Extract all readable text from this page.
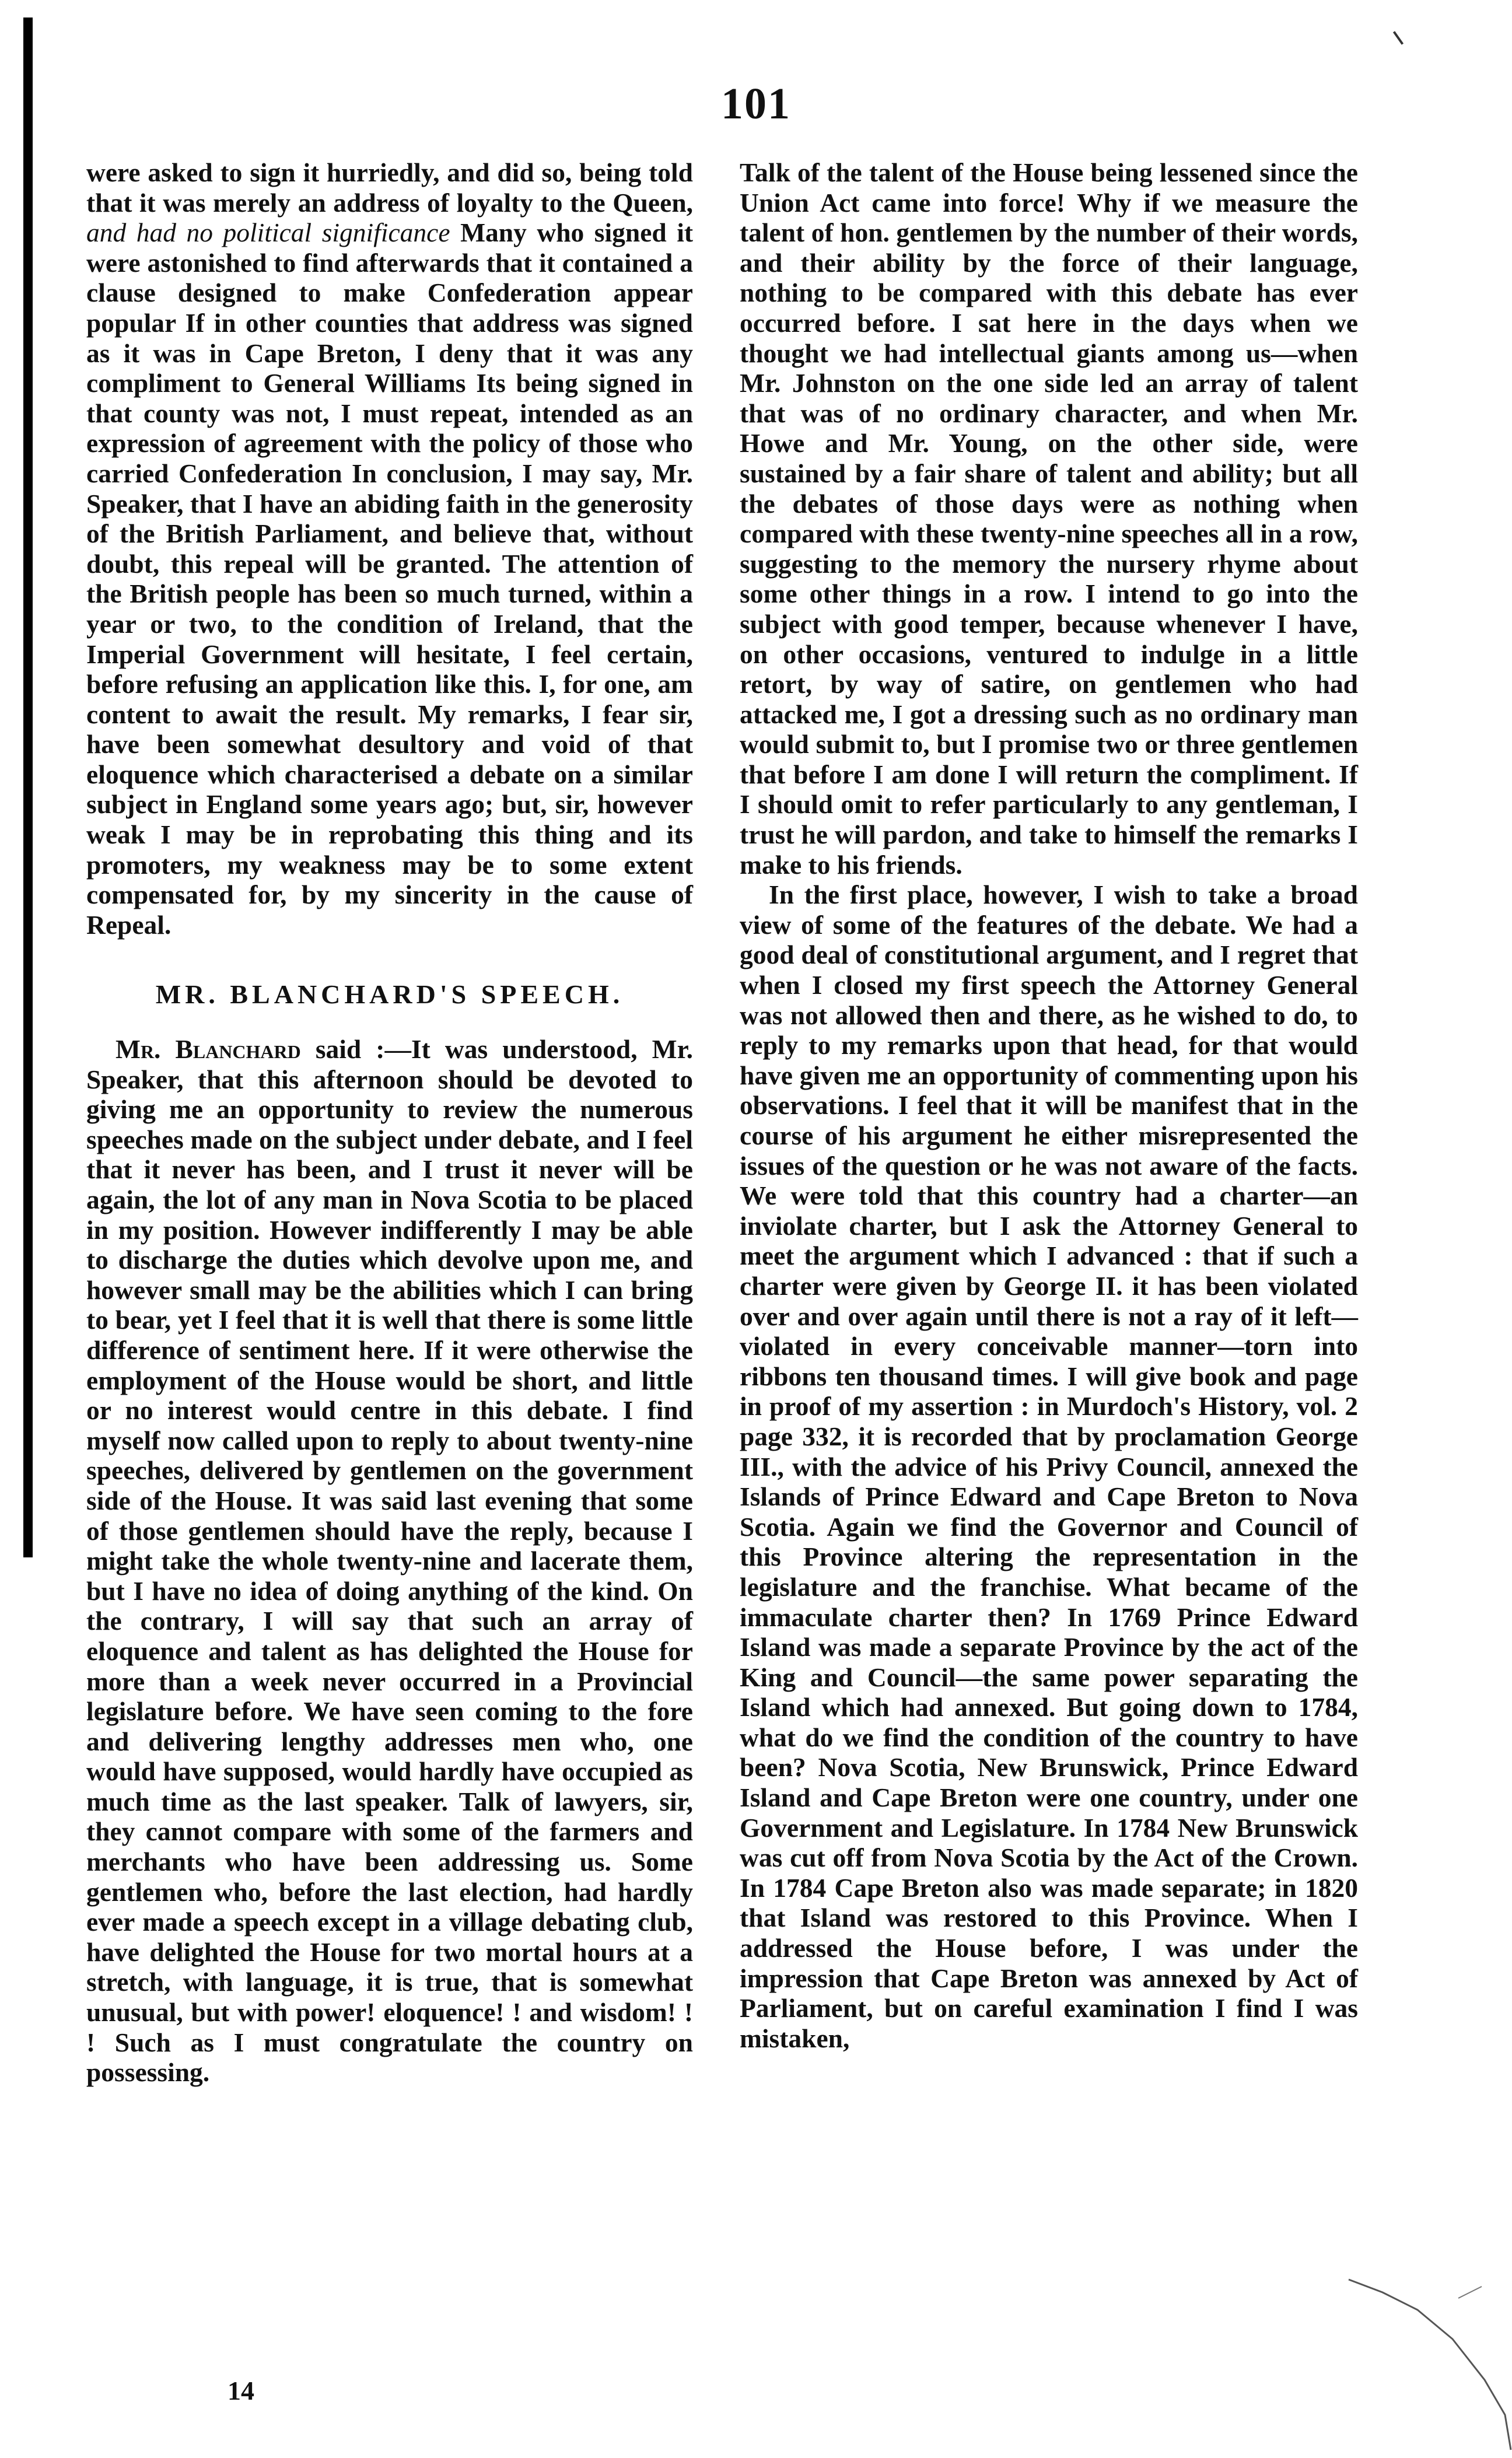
101

were asked to sign it hurriedly, and did so, being told that it was merely an address of loyalty to the Queen, and had no political significance Many who signed it were astonished to find afterwards that it contained a clause designed to make Confederation appear popular If in other counties that address was signed as it was in Cape Breton, I deny that it was any compliment to General Williams Its being signed in that county was not, I must repeat, intended as an expression of agreement with the policy of those who carried Confederation In conclusion, I may say, Mr. Speaker, that I have an abiding faith in the generosity of the British Parliament, and believe that, without doubt, this repeal will be granted. The attention of the British people has been so much turned, within a year or two, to the condition of Ireland, that the Imperial Government will hesitate, I feel certain, before refusing an application like this. I, for one, am content to await the result. My remarks, I fear sir, have been somewhat desultory and void of that eloquence which characterised a debate on a similar subject in England some years ago; but, sir, however weak I may be in reprobating this thing and its promoters, my weakness may be to some extent compensated for, by my sincerity in the cause of Repeal.

MR. BLANCHARD'S SPEECH.

Mr. Blanchard said :—It was understood, Mr. Speaker, that this afternoon should be devoted to giving me an opportunity to review the numerous speeches made on the subject under debate, and I feel that it never has been, and I trust it never will be again, the lot of any man in Nova Scotia to be placed in my position. However indifferently I may be able to discharge the duties which devolve upon me, and however small may be the abilities which I can bring to bear, yet I feel that it is well that there is some little difference of sentiment here. If it were otherwise the employment of the House would be short, and little or no interest would centre in this debate. I find myself now called upon to reply to about twenty-nine speeches, delivered by gentlemen on the government side of the House. It was said last evening that some of those gentlemen should have the reply, because I might take the whole twenty-nine and lacerate them, but I have no idea of doing anything of the kind. On the contrary, I will say that such an array of eloquence and talent as has delighted the House for more than a week never occurred in a Provincial legislature before. We have seen coming to the fore and delivering lengthy addresses men who, one would have supposed, would hardly have occupied as much time as the last speaker. Talk of lawyers, sir, they cannot compare with some of the farmers and merchants who have been addressing us. Some gentlemen who, before the last election, had hardly ever made a speech except in a village debating club, have delighted the House for two mortal hours at a stretch, with language, it is true, that is somewhat unusual, but with power! eloquence! ! and wisdom! ! ! Such as I must congratulate the country on possessing.

Talk of the talent of the House being lessened since the Union Act came into force! Why if we measure the talent of hon. gentlemen by the number of their words, and their ability by the force of their language, nothing to be compared with this debate has ever occurred before. I sat here in the days when we thought we had intellectual giants among us—when Mr. Johnston on the one side led an array of talent that was of no ordinary character, and when Mr. Howe and Mr. Young, on the other side, were sustained by a fair share of talent and ability; but all the debates of those days were as nothing when compared with these twenty-nine speeches all in a row, suggesting to the memory the nursery rhyme about some other things in a row. I intend to go into the subject with good temper, because whenever I have, on other occasions, ventured to indulge in a little retort, by way of satire, on gentlemen who had attacked me, I got a dressing such as no ordinary man would submit to, but I promise two or three gentlemen that before I am done I will return the compliment. If I should omit to refer particularly to any gentleman, I trust he will pardon, and take to himself the remarks I make to his friends.

In the first place, however, I wish to take a broad view of some of the features of the debate. We had a good deal of constitutional argument, and I regret that when I closed my first speech the Attorney General was not allowed then and there, as he wished to do, to reply to my remarks upon that head, for that would have given me an opportunity of commenting upon his observations. I feel that it will be manifest that in the course of his argument he either misrepresented the issues of the question or he was not aware of the facts. We were told that this country had a charter—an inviolate charter, but I ask the Attorney General to meet the argument which I advanced : that if such a charter were given by George II. it has been violated over and over again until there is not a ray of it left—violated in every conceivable manner—torn into ribbons ten thousand times. I will give book and page in proof of my assertion : in Murdoch's History, vol. 2 page 332, it is recorded that by proclamation George III., with the advice of his Privy Council, annexed the Islands of Prince Edward and Cape Breton to Nova Scotia. Again we find the Governor and Council of this Province altering the representation in the legislature and the franchise. What became of the immaculate charter then? In 1769 Prince Edward Island was made a separate Province by the act of the King and Council—the same power separating the Island which had annexed. But going down to 1784, what do we find the condition of the country to have been? Nova Scotia, New Brunswick, Prince Edward Island and Cape Breton were one country, under one Government and Legislature. In 1784 New Brunswick was cut off from Nova Scotia by the Act of the Crown. In 1784 Cape Breton also was made separate; in 1820 that Island was restored to this Province. When I addressed the House before, I was under the impression that Cape Breton was annexed by Act of Parliament, but on careful examination I find I was mistaken,

14
